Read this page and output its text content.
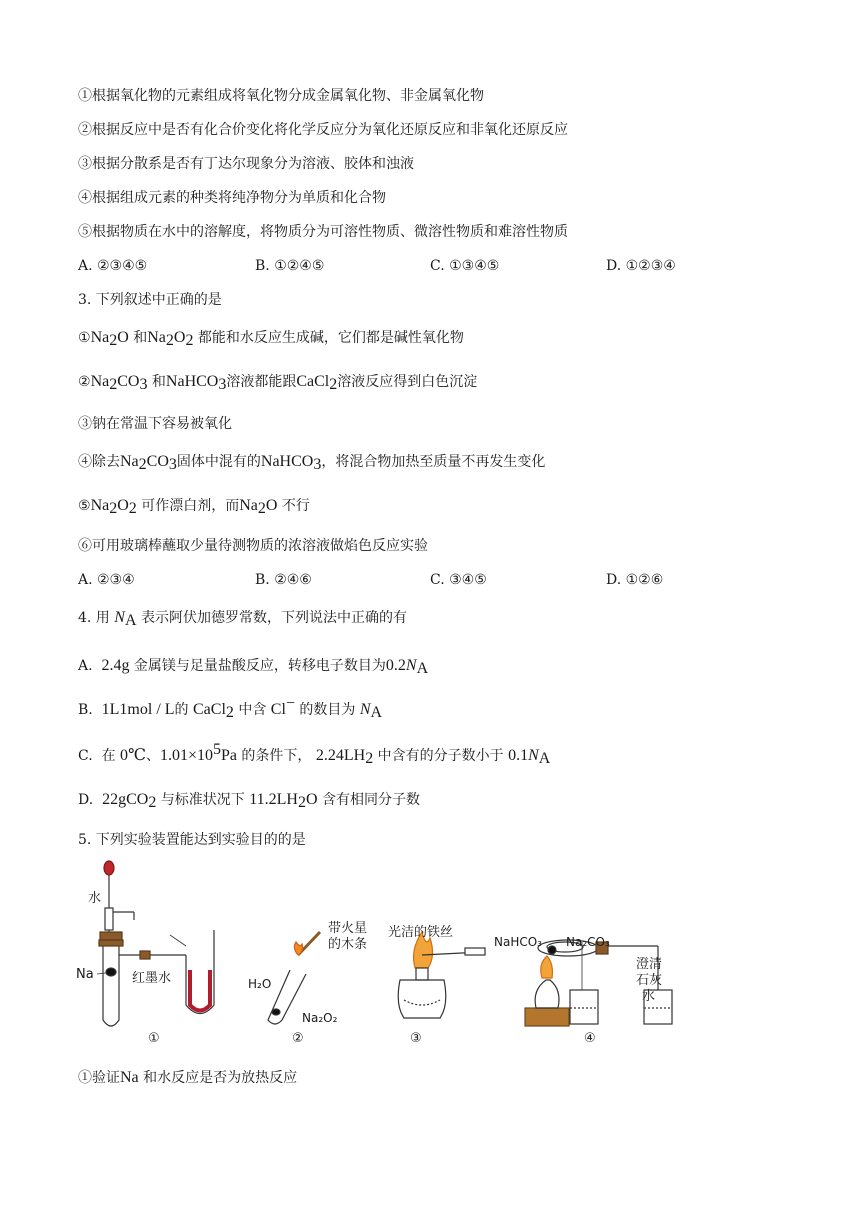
①根据氧化物的元素组成将氧化物分成金属氧化物、非金属氧化物
②根据反应中是否有化合价变化将化学反应分为氧化还原反应和非氧化还原反应
③根据分散系是否有丁达尔现象分为溶液、胶体和浊液
④根据组成元素的种类将纯净物分为单质和化合物
⑤根据物质在水中的溶解度，将物质分为可溶性物质、微溶性物质和难溶性物质
A. ②③④⑤	B. ①②④⑤	C. ①③④⑤	D. ①②③④
3. 下列叙述中正确的是
$①Na_2O$ 和$Na_2O_2$ 都能和水反应生成碱，它们都是碱性氧化物
$②Na_2CO_3$ 和NaHCO$_3$溶液都能跟CaCl$_2$溶液反应得到白色沉淀
③钠在常温下容易被氧化
④除去$Na_2CO_3$固体中混有的NaHCO$_3$，将混合物加热至质量不再发生变化
$⑤Na_2O_2$ 可作漂白剂，而$Na_2O$ 不行
⑥可用玻璃棒蘸取少量待测物质的浓溶液做焰色反应实验
A. ②③④	B. ②④⑥	C. ③④⑤	D. ①②⑥
4. 用 $N_A$ 表示阿伏加德罗常数，下列说法中正确的有
A. 2.4g 金属镁与足量盐酸反应，转移电子数目为$0.2N_A$
B. 1L1mol / L的 CaCl$_2$ 中含 Cl− 的数目为 $N_A$
C. 在 0℃、$1.01\times 10^5Pa$ 的条件下， $2.24LH_2$ 中含有的分子数小于 $0.1N_A$
D. 22gCO$_2$ 与标准状况下 $11.2LH_2O$ 含有相同分子数
5. 下列实验装置能达到实验目的的是
水
Na	红墨水
①
带火星
的木条
H₂O
Na₂O₂
②
光洁的铁丝
③
NaHCO₃ Na₂CO₃
澄清
石灰
水
④
①验证Na 和水反应是否为放热反应
